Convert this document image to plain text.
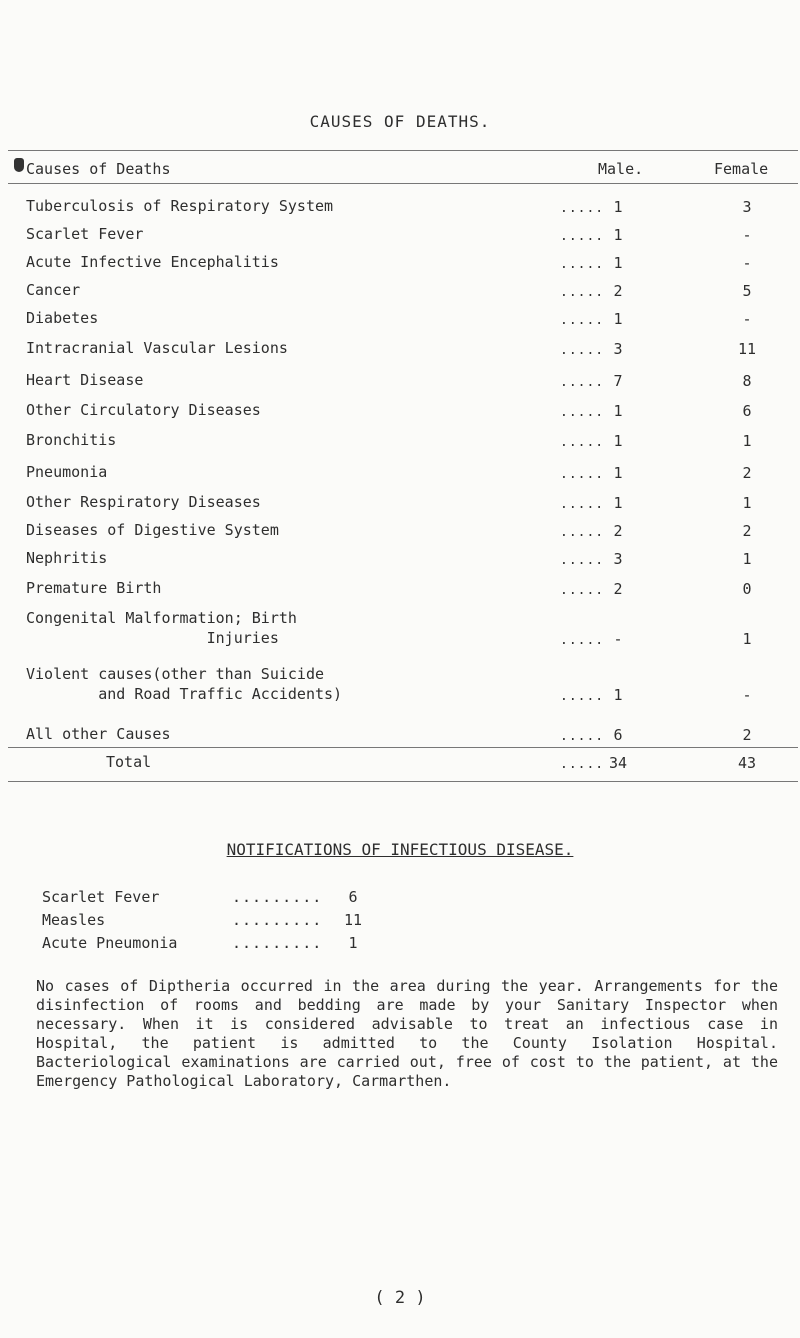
CAUSES OF DEATHS.
Causes of Deaths	Male.	Female
Tuberculosis of Respiratory System	..... 1	3
Scarlet Fever	..... 1	-
Acute Infective Encephalitis	..... 1	-
Cancer	..... 2	5
Diabetes	..... 1	-
Intracranial Vascular Lesions	..... 3	11
Heart Disease	..... 7	8
Other Circulatory Diseases	..... 1	6
Bronchitis	..... 1	1
Pneumonia	..... 1	2
Other Respiratory Diseases	..... 1	1
Diseases of Digestive System	..... 2	2
Nephritis	..... 3	1
Premature Birth	..... 2	0
Congenital Malformation; Birth
Injuries	..... -	1
Violent causes(other than Suicide
and Road Traffic Accidents)	..... 1	-
All other Causes	..... 6	2
Total	..... 34	43
NOTIFICATIONS OF INFECTIOUS DISEASE.
Scarlet Fever	.........	6
Measles	.........	11
Acute Pneumonia	.........	1
No cases of Diptheria occurred in the area during the year. Arrangements for the disinfection of rooms and bedding are made by your Sanitary Inspector when necessary. When it is considered advisable to treat an infectious case in Hospital, the patient is admitted to the County Isolation Hospital. Bacteriological examinations are carried out, free of cost to the patient, at the Emergency Pathological Laboratory, Carmarthen.
( 2 )
